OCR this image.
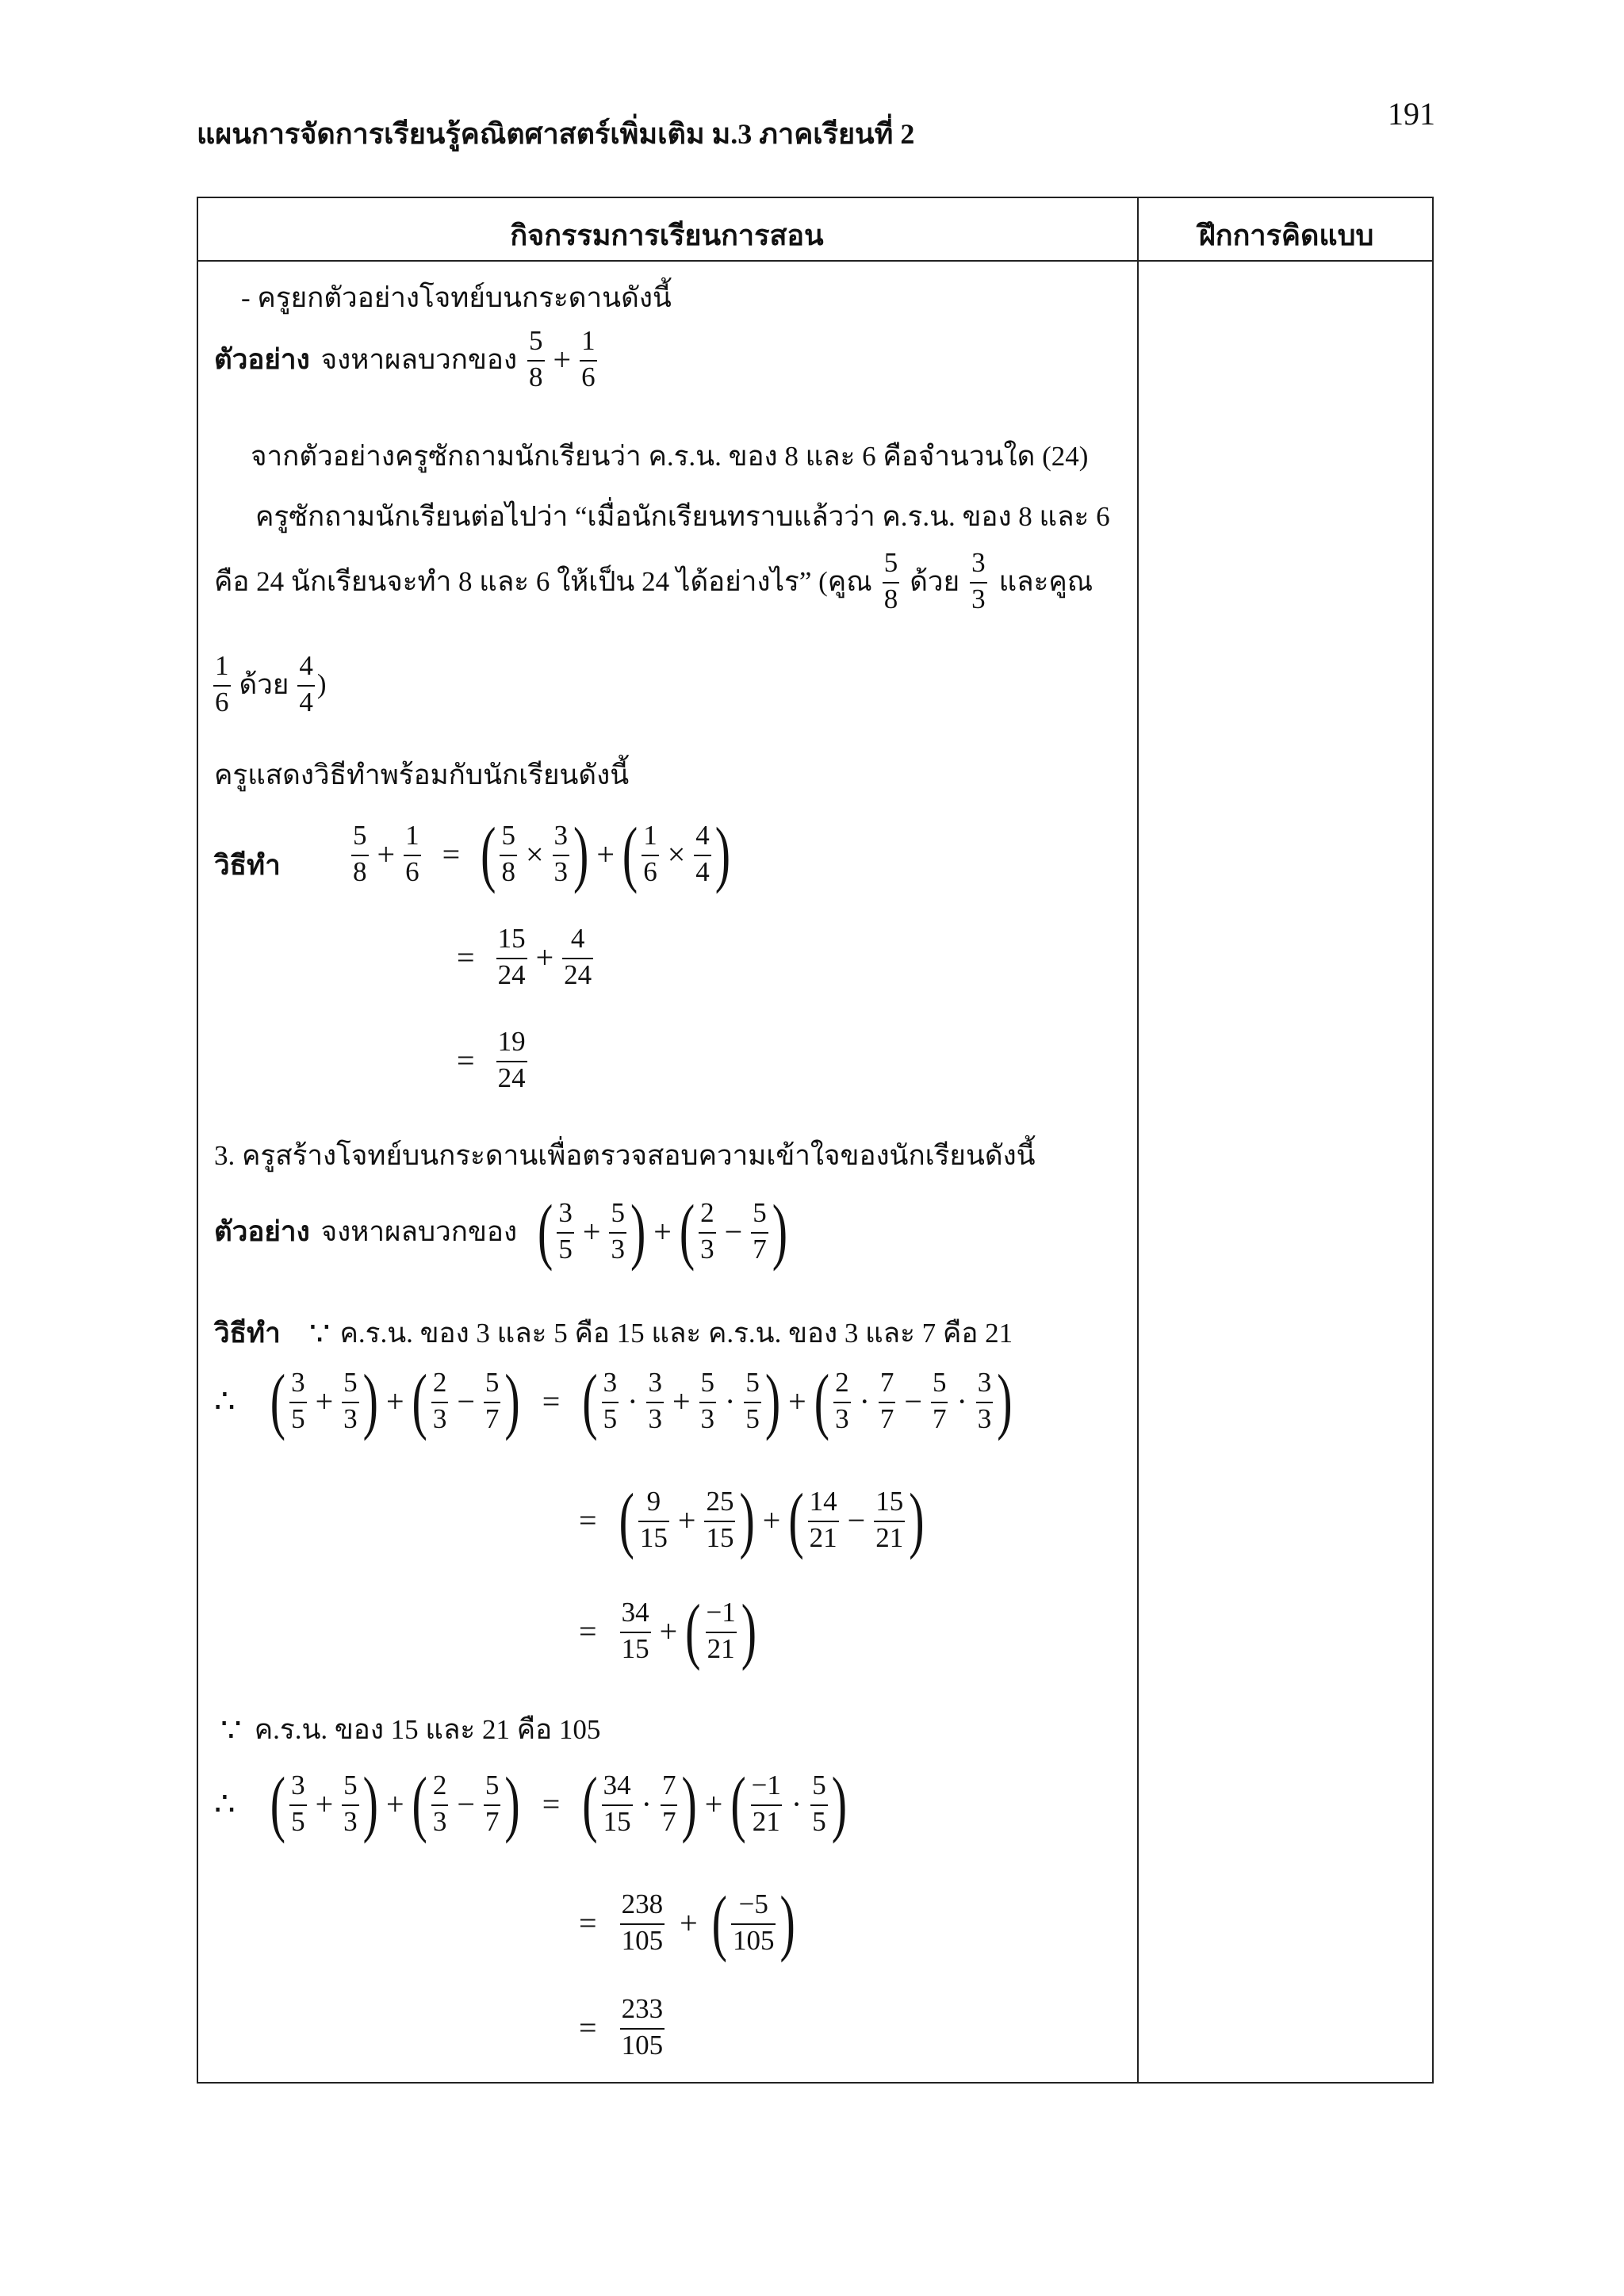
แผนการจัดการเรียนรู้คณิตศาสตร์เพิ่มเติม ม.3 ภาคเรียนที่ 2
191
กิจกรรมการเรียนการสอน	ฝึกการคิดแบบ
- ครูยกตัวอย่างโจทย์บนกระดานดังนี้
ตัวอย่าง จงหาผลบวกของ $\frac{5}{8} + \frac{1}{6}$
จากตัวอย่างครูซักถามนักเรียนว่า ค.ร.น. ของ 8 และ 6 คือจำนวนใด (24)
ครูซักถามนักเรียนต่อไปว่า “เมื่อนักเรียนทราบแล้วว่า ค.ร.น. ของ 8 และ 6
คือ 24 นักเรียนจะทำ 8 และ 6 ให้เป็น 24 ได้อย่างไร” (คูณ $\frac{5}{8}$ ด้วย $\frac{3}{3}$ และคูณ
$\frac{1}{6}$ ด้วย $\frac{4}{4}$ )
ครูแสดงวิธีทำพร้อมกับนักเรียนดังนี้
วิธีทำ $\frac{5}{8} + \frac{1}{6}$ = ( $\frac{5}{8} \times \frac{3}{3}$ ) + ( $\frac{1}{6} \times \frac{4}{4}$ )
= $\frac{15}{24} + \frac{4}{24}$
= $\frac{19}{24}$
3. ครูสร้างโจทย์บนกระดานเพื่อตรวจสอบความเข้าใจของนักเรียนดังนี้
ตัวอย่าง จงหาผลบวกของ ( $\frac{3}{5} + \frac{5}{3}$ ) + ( $\frac{2}{3} - \frac{5}{7}$ )
วิธีทำ ∵ ค.ร.น. ของ 3 และ 5 คือ 15 และ ค.ร.น. ของ 3 และ 7 คือ 21
∴ ( $\frac{3}{5} + \frac{5}{3}$ ) + ( $\frac{2}{3} - \frac{5}{7}$ ) = ( $\frac{3}{5} \cdot \frac{3}{3} + \frac{5}{3} \cdot \frac{5}{5}$ ) + ( $\frac{2}{3} \cdot \frac{7}{7} - \frac{5}{7} \cdot \frac{3}{3}$ )
= ( $\frac{9}{15} + \frac{25}{15}$ ) + ( $\frac{14}{21} - \frac{15}{21}$ )
= $\frac{34}{15}$ + ( $\frac{-1}{21}$ )
∵ ค.ร.น. ของ 15 และ 21 คือ 105
∴ ( $\frac{3}{5} + \frac{5}{3}$ ) + ( $\frac{2}{3} - \frac{5}{7}$ ) = ( $\frac{34}{15} \cdot \frac{7}{7}$ ) + ( $\frac{-1}{21} \cdot \frac{5}{5}$ )
= $\frac{238}{105}$ + ( $\frac{-5}{105}$ )
= $\frac{233}{105}$
